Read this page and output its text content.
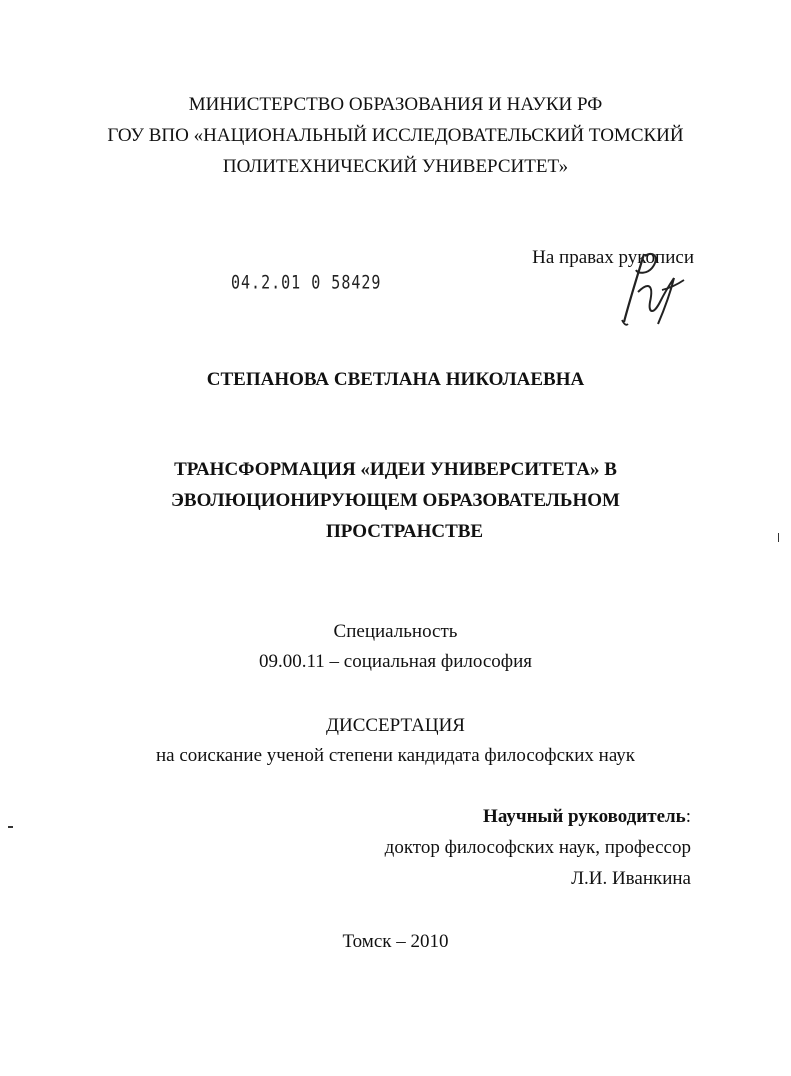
МИНИСТЕРСТВО ОБРАЗОВАНИЯ И НАУКИ РФ
ГОУ ВПО «НАЦИОНАЛЬНЫЙ ИССЛЕДОВАТЕЛЬСКИЙ ТОМСКИЙ
ПОЛИТЕХНИЧЕСКИЙ УНИВЕРСИТЕТ»
04.2.01 0 58429
На правах рукописи
СТЕПАНОВА СВЕТЛАНА НИКОЛАЕВНА
ТРАНСФОРМАЦИЯ «ИДЕИ УНИВЕРСИТЕТА» В
ЭВОЛЮЦИОНИРУЮЩЕМ ОБРАЗОВАТЕЛЬНОМ
ПРОСТРАНСТВЕ
Специальность
09.00.11 – социальная философия
ДИССЕРТАЦИЯ
на соискание ученой степени кандидата философских наук
Научный руководитель:
доктор философских наук, профессор
Л.И. Иванкина
Томск – 2010
